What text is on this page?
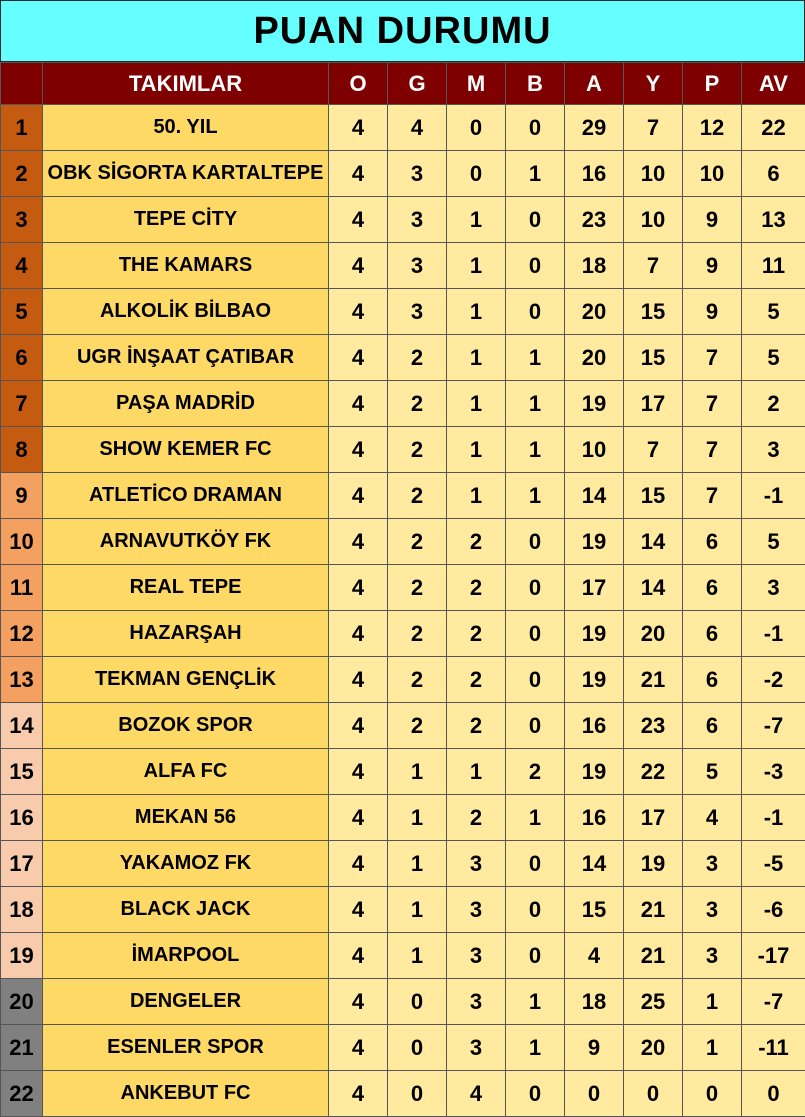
PUAN DURUMU
	TAKIMLAR	O	G	M	B	A	Y	P	AV
1	50. YIL	4	4	0	0	29	7	12	22
2	OBK SİGORTA KARTALTEPE	4	3	0	1	16	10	10	6
3	TEPE CİTY	4	3	1	0	23	10	9	13
4	THE KAMARS	4	3	1	0	18	7	9	11
5	ALKOLİK BİLBAO	4	3	1	0	20	15	9	5
6	UGR İNŞAAT ÇATIBAR	4	2	1	1	20	15	7	5
7	PAŞA MADRİD	4	2	1	1	19	17	7	2
8	SHOW KEMER FC	4	2	1	1	10	7	7	3
9	ATLETİCO DRAMAN	4	2	1	1	14	15	7	-1
10	ARNAVUTKÖY FK	4	2	2	0	19	14	6	5
11	REAL TEPE	4	2	2	0	17	14	6	3
12	HAZARŞAH	4	2	2	0	19	20	6	-1
13	TEKMAN GENÇLİK	4	2	2	0	19	21	6	-2
14	BOZOK SPOR	4	2	2	0	16	23	6	-7
15	ALFA FC	4	1	1	2	19	22	5	-3
16	MEKAN 56	4	1	2	1	16	17	4	-1
17	YAKAMOZ FK	4	1	3	0	14	19	3	-5
18	BLACK JACK	4	1	3	0	15	21	3	-6
19	İMARPOOL	4	1	3	0	4	21	3	-17
20	DENGELER	4	0	3	1	18	25	1	-7
21	ESENLER SPOR	4	0	3	1	9	20	1	-11
22	ANKEBUT FC	4	0	4	0	0	0	0	0
